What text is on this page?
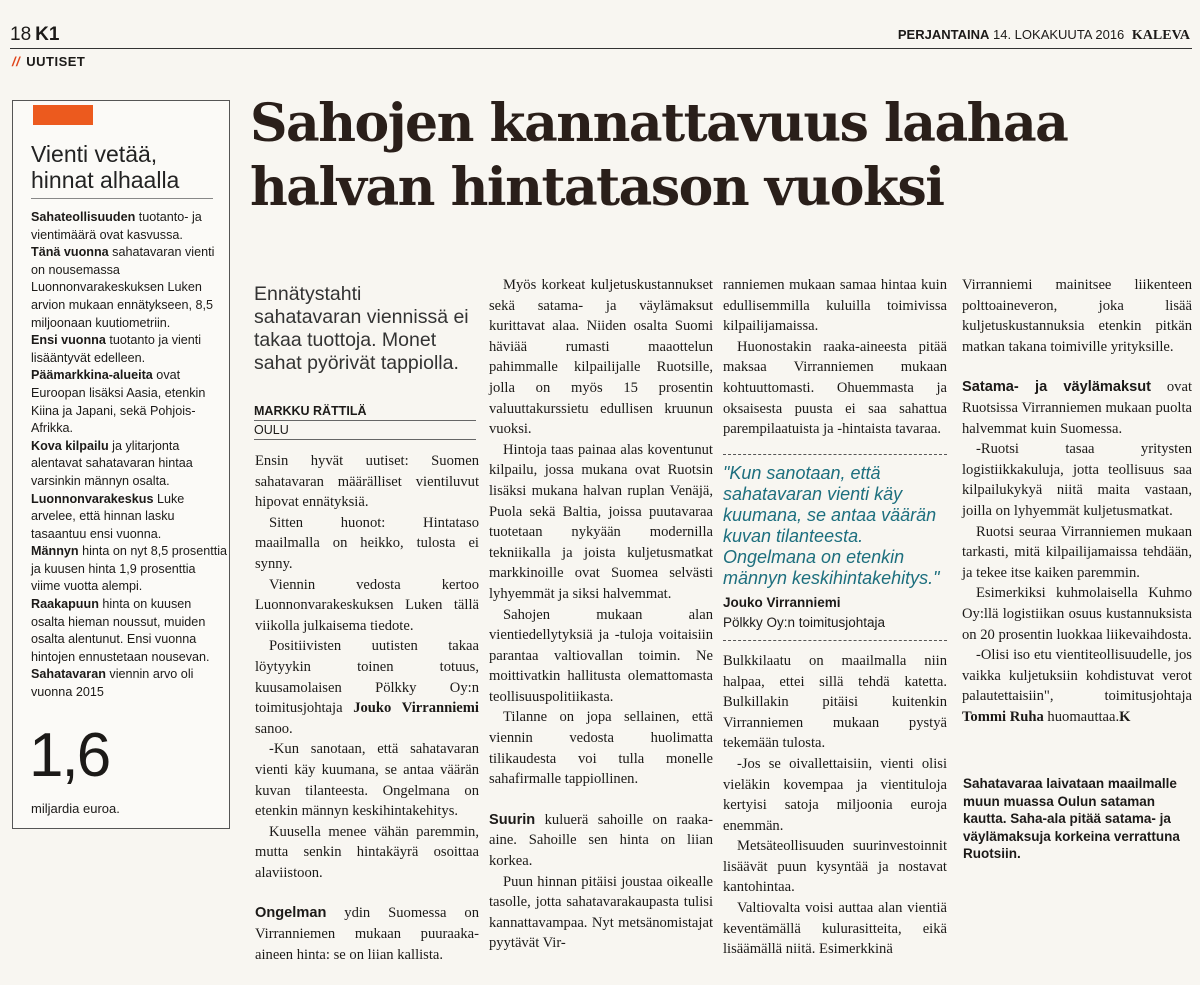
18 K1	PERJANTAINA 14. LOKAKUUTA 2016 KALEVA
// UUTISET
Vienti vetää, hinnat alhaalla

Sahateollisuuden tuotanto- ja vientimäärä ovat kasvussa.

Tänä vuonna sahatavaran vienti on nousemassa Luonnonvarakeskuksen Luken arvion mukaan ennätykseen, 8,5 miljoonaan kuutiometriin.

Ensi vuonna tuotanto ja vienti lisääntyvät edelleen.

Päämarkkina-alueita ovat Euroopan lisäksi Aasia, etenkin Kiina ja Japani, sekä Pohjois-Afrikka.

Kova kilpailu ja ylitarjonta alentavat sahatavaran hintaa varsinkin männyn osalta.

Luonnonvarakeskus Luke arvelee, että hinnan lasku tasaantuu ensi vuonna.

Männyn hinta on nyt 8,5 prosenttia ja kuusen hinta 1,9 prosenttia viime vuotta alempi.

Raakapuun hinta on kuusen osalta hieman noussut, muiden osalta alentunut. Ensi vuonna hintojen ennustetaan nousevan.

Sahatavaran viennin arvo oli vuonna 2015

1,6
miljardia euroa.
Sahojen kannattavuus laahaa halvan hintatason vuoksi
Ennätystahti sahatavaran viennissä ei takaa tuottoja. Monet sahat pyörivät tappiolla.
MARKKU RÄTTILÄ
OULU

Ensin hyvät uutiset: Suomen sahatavaran määrälliset vientiluvut hipovat ennätyksiä.

Sitten huonot: Hintataso maailmalla on heikko, tulosta ei synny.

Viennin vedosta kertoo Luonnonvarakeskuksen Luken tällä viikolla julkaisema tiedote.

Positiivisten uutisten takaa löytyykin toinen totuus, kuusamolaisen Pölkky Oy:n toimitusjohtaja Jouko Virranniemi sanoo.

-Kun sanotaan, että sahatavaran vienti käy kuumana, se antaa väärän kuvan tilanteesta. Ongelmana on etenkin männyn keskihintakehitys.

Kuusella menee vähän paremmin, mutta senkin hintakäyrä osoittaa alaviistoon.

Ongelman ydin Suomessa on Virranniemen mukaan puuraaka-aineen hinta: se on liian kallista.

Myös korkeat kuljetuskustannukset sekä satama- ja väylämaksut kurittavat alaa. Niiden osalta Suomi häviää rumasti maaottelun pahimmalle kilpailijalle Ruotsille, jolla on myös 15 prosentin valuuttakurssietu edullisen kruunun vuoksi.

Hintoja taas painaa alas koventunut kilpailu, jossa mukana ovat Ruotsin lisäksi mukana halvan ruplan Venäjä, Puola sekä Baltia, joissa puutavaraa tuotetaan nykyään modernilla tekniikalla ja joista kuljetusmatkat markkinoille ovat Suomea selvästi lyhyemmät ja siksi halvemmat.

Sahojen mukaan alan vientiedellytyksiä ja -tuloja voitaisiin parantaa valtiovallan toimin. Ne moittivatkin hallitusta olemattomasta teollisuuspolitiikasta.

Tilanne on jopa sellainen, että viennin vedosta huolimatta tilikaudesta voi tulla monelle sahafirmalle tappiollinen.

Suurin kuluerä sahoille on raaka-aine. Sahoille sen hinta on liian korkea.

Puun hinnan pitäisi joustaa oikealle tasolle, jotta sahatavarakaupasta tulisi kannattavampaa. Nyt metsänomistajat pyytävät Vir-

ranniemen mukaan samaa hintaa kuin edullisemmilla kuluilla toimivissa kilpailijamaissa.

Huonostakin raaka-aineesta pitää maksaa Virranniemen mukaan kohtuuttomasti. Ohuemmasta ja oksaisesta puusta ei saa sahattua parempilaatuista ja -hintaista tavaraa.

"Kun sanotaan, että sahatavaran vienti käy kuumana, se antaa väärän kuvan tilanteesta. Ongelmana on etenkin männyn keskihintakehitys."
Jouko Virranniemi
Pölkky Oy:n toimitusjohtaja

Bulkkilaatu on maailmalla niin halpaa, ettei sillä tehdä katetta. Bulkillakin pitäisi kuitenkin Virranniemen mukaan pystyä tekemään tulosta.

-Jos se oivallettaisiin, vienti olisi vieläkin kovempaa ja vientituloja kertyisi satoja miljoonia euroja enemmän.

Metsäteollisuuden suurinvestoinnit lisäävät puun kysyntää ja nostavat kantohintaa.

Valtiovalta voisi auttaa alan vientiä keventämällä kulurasitteita, eikä lisäämällä niitä. Esimerkkinä

Virranniemi mainitsee liikenteen polttoaineveron, joka lisää kuljetuskustannuksia etenkin pitkän matkan takana toimiville yrityksille.

Satama- ja väylämaksut ovat Ruotsissa Virranniemen mukaan puolta halvemmat kuin Suomessa.

-Ruotsi tasaa yritysten logistiikkakuluja, jotta teollisuus saa kilpailukykyä niitä maita vastaan, joilla on lyhyemmät kuljetusmatkat.

Ruotsi seuraa Virranniemen mukaan tarkasti, mitä kilpailijamaissa tehdään, ja tekee itse kaiken paremmin.

Esimerkiksi kuhmolaisella Kuhmo Oy:llä logistiikan osuus kustannuksista on 20 prosentin luokkaa liikevaihdosta.

-Olisi iso etu vientiteollisuudelle, jos vaikka kuljetuksiin kohdistuvat verot palautettaisiin", toimitusjohtaja Tommi Ruha huomauttaa.K

Sahatavaraa laivataan maailmalle muun muassa Oulun sataman kautta. Saha-ala pitää satama- ja väylämaksuja korkeina verrattuna Ruotsiin.
